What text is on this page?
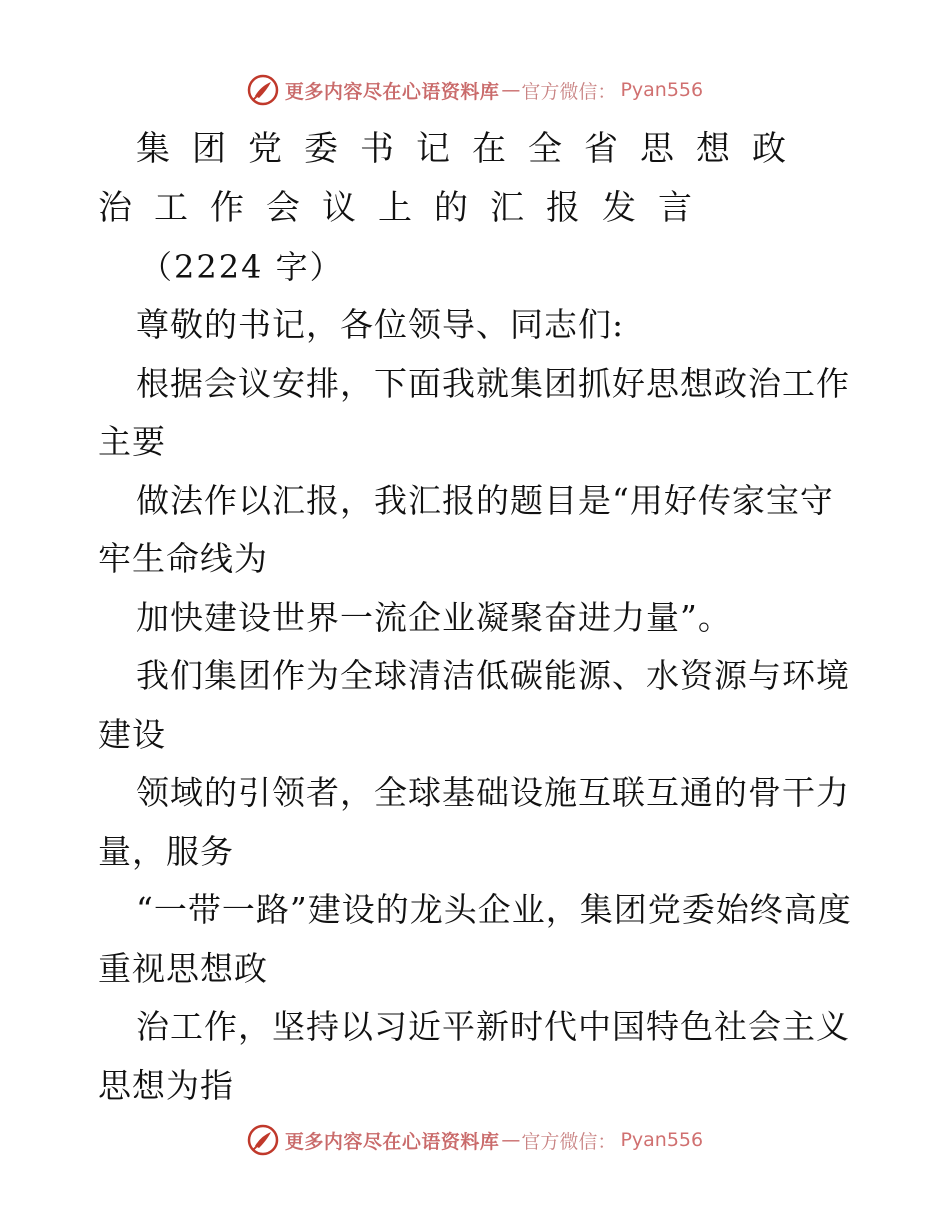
更多内容尽在心语资料库 — 官方微信： Pyan556
集团党委书记在全省思想政治工作会议上的汇报发言

（2224 字）

尊敬的书记，各位领导、同志们:

根据会议安排，下面我就集团抓好思想政治工作主要

做法作以汇报，我汇报的题目是“用好传家宝守牢生命线为

加快建设世界一流企业凝聚奋进力量”。

我们集团作为全球清洁低碳能源、水资源与环境建设

领域的引领者，全球基础设施互联互通的骨干力量，服务

“一带一路”建设的龙头企业，集团党委始终高度重视思想政

治工作，坚持以习近平新时代中国特色社会主义思想为指

更多内容尽在心语资料库 — 官方微信： Pyan556
